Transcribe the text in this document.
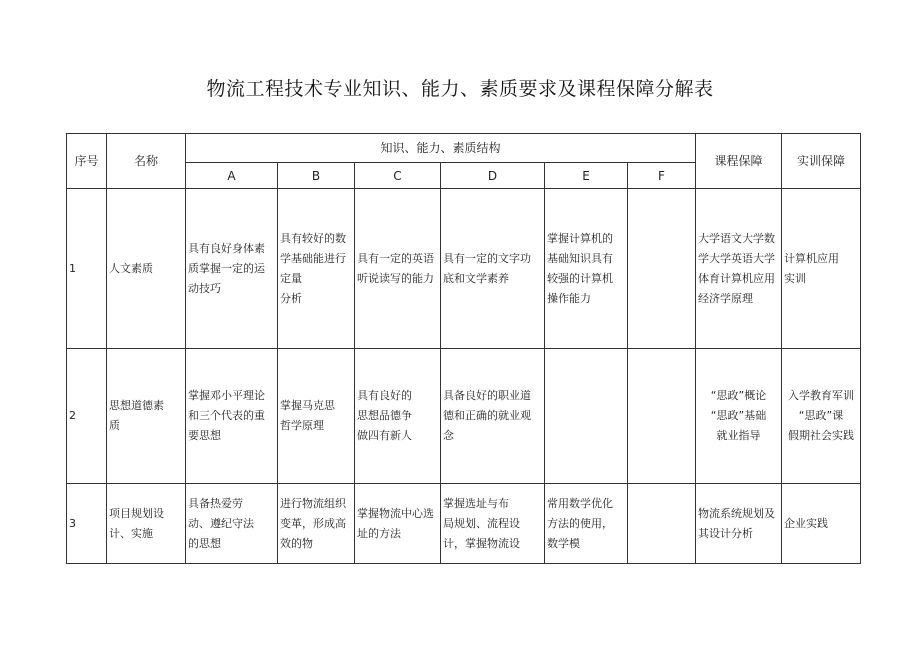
物流工程技术专业知识、能力、素质要求及课程保障分解表
序号	名称	知识、能力、素质结构						课程保障	实训保障
		A	B	C	D	E	F		
1	人文素质	具有良好身体素
质掌握一定的运
动技巧	具有较好的数
学基础能进行
定量
分析	具有一定的英语
听说读写的能力	具有一定的文字功
底和文学素养	掌握计算机的
基础知识具有
较强的计算机
操作能力		大学语文大学数
学大学英语大学
体育计算机应用
经济学原理	计算机应用
实训
2	思想道德素
质	掌握邓小平理论
和三个代表的重
要思想	掌握马克思
哲学原理	具有良好的
思想品德争
做四有新人	具备良好的职业道
德和正确的就业观
念			“思政”概论
“思政”基础
就业指导	入学教育军训
“思政”课
假期社会实践
3	项目规划设
计、实施	具备热爱劳
动、遵纪守法
的思想	进行物流组织
变革，形成高
效的物	掌握物流中心选
址的方法	掌握选址与布
局规划、流程设
计，掌握物流设	常用数学优化
方法的使用，
数学模		物流系统规划及
其设计分析	企业实践
